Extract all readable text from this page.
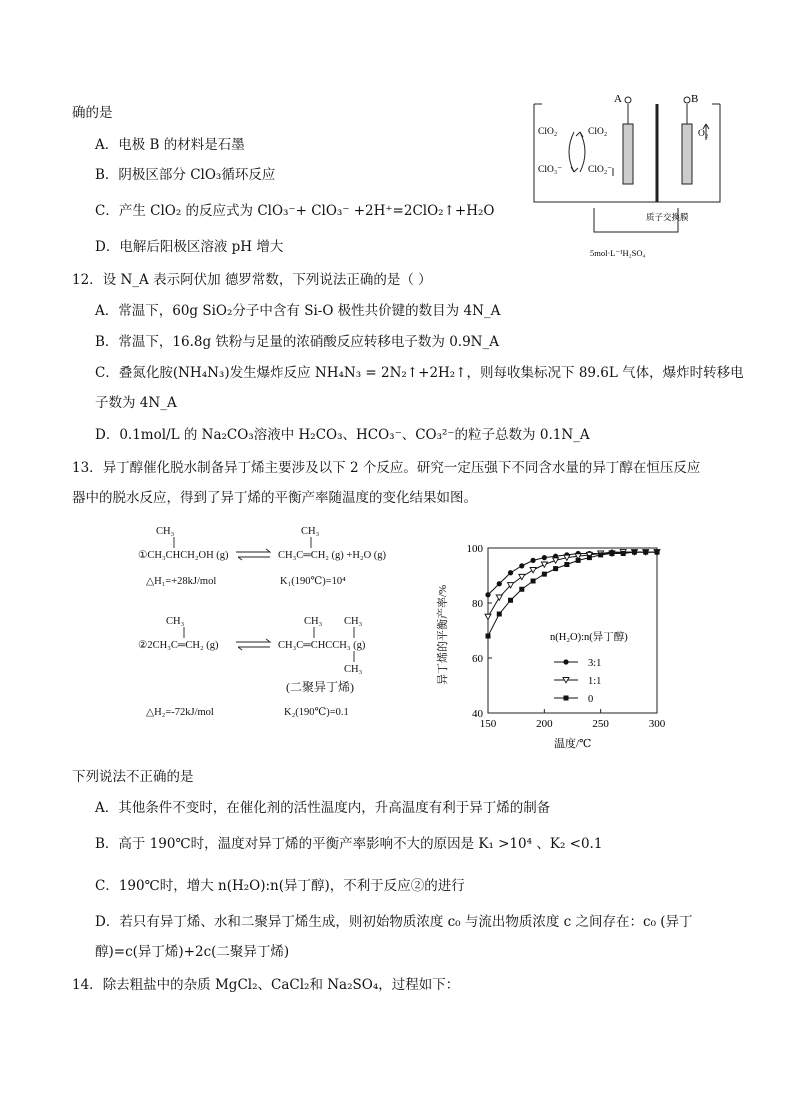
确的是
A．电极 B 的材料是石墨
B．阴极区部分 ClO₃循环反应
C．产生 ClO₂ 的反应式为 ClO₃⁻+ ClO₃⁻ +2H⁺=2ClO₂↑+H₂O
D．电解后阳极区溶液 pH 增大
A	B
ClO₂
ClO₃⁻
ClO₂
ClO₂⁻
O₂
质子交换膜
5mol·L⁻¹H₂SO₄
12．设 N_A 表示阿伏加 德罗常数，下列说法正确的是（ ）
A．常温下，60g SiO₂分子中含有 Si-O 极性共价键的数目为 4N_A
B．常温下，16.8g 铁粉与足量的浓硝酸反应转移电子数为 0.9N_A
C．叠氮化胺(NH₄N₃)发生爆炸反应 NH₄N₃ = 2N₂↑+2H₂↑，则每收集标况下 89.6L 气体，爆炸时转移电
子数为 4N_A
D．0.1mol/L 的 Na₂CO₃溶液中 H₂CO₃、HCO₃⁻、CO₃²⁻的粒子总数为 0.1N_A
13．异丁醇催化脱水制备异丁烯主要涉及以下 2 个反应。研究一定压强下不同含水量的异丁醇在恒压反应
器中的脱水反应，得到了异丁烯的平衡产率随温度的变化结果如图。
CH₃
①CH₃CHCH₂OH (g)
CH₃
CH₃C═CH₂ (g) +H₂O (g)
△H₁=+28kJ/mol	K₁(190℃)=10⁴
CH₃
②2CH₃C═CH₂ (g)
CH₃ CH₃
CH₃C═CHCCH₃ (g)
CH₃
(二聚异丁烯)
△H₂=-72kJ/mol	K₂(190℃)=0.1
150	200	250	300
40
60
80
100
异丁烯的平衡产率/%
温度/℃
n(H₂O):n(异丁醇)
3:1
1:1
0
下列说法不正确的是
A．其他条件不变时，在催化剂的活性温度内，升高温度有利于异丁烯的制备
B．高于 190℃时，温度对异丁烯的平衡产率影响不大的原因是 K₁ >10⁴ 、K₂ <0.1
C．190℃时，增大 n(H₂O):n(异丁醇)，不利于反应②的进行
D．若只有异丁烯、水和二聚异丁烯生成，则初始物质浓度 c₀ 与流出物质浓度 c 之间存在：c₀ (异丁
醇)=c(异丁烯)+2c(二聚异丁烯)
14．除去粗盐中的杂质 MgCl₂、CaCl₂和 Na₂SO₄，过程如下：
